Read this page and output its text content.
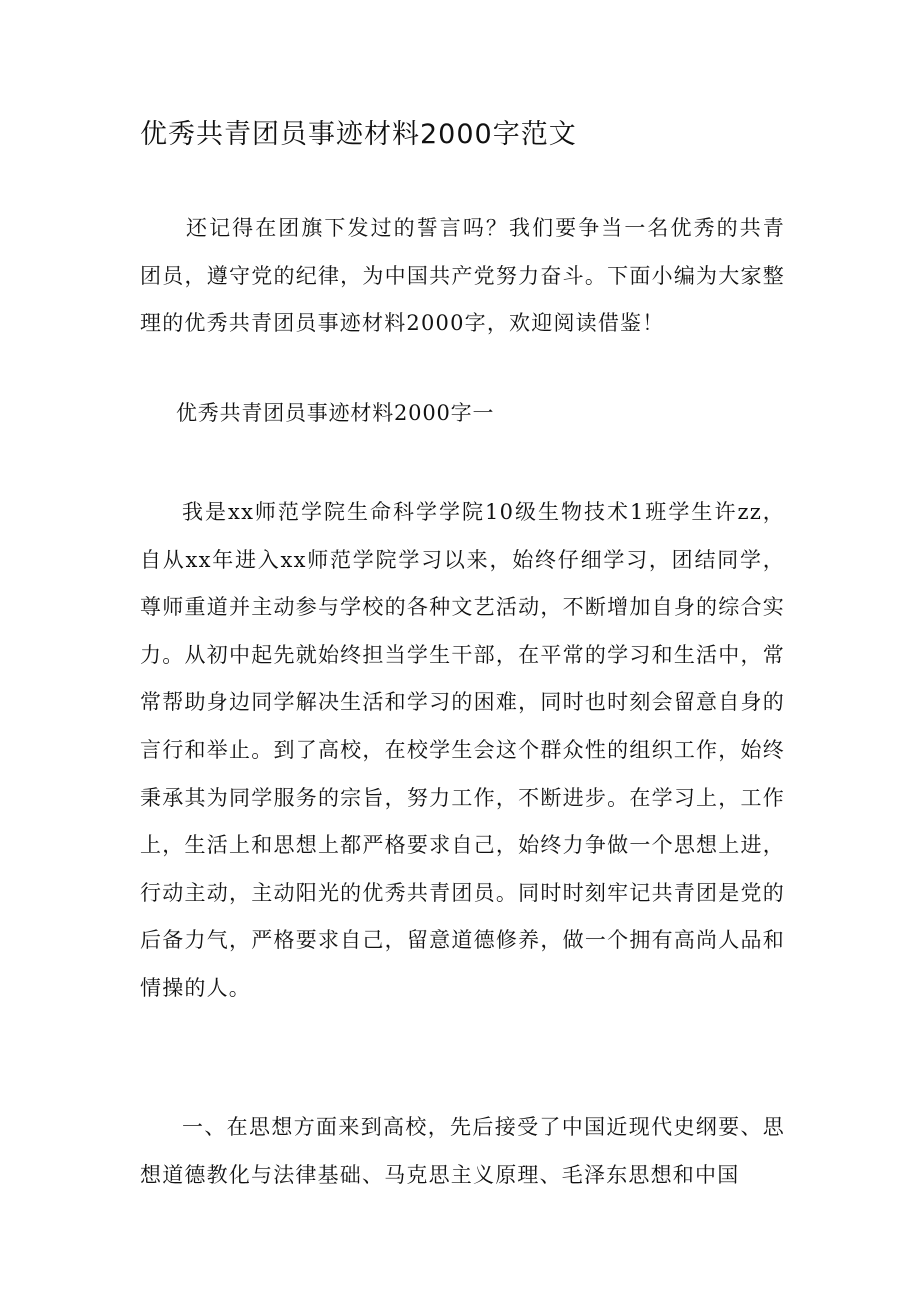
优秀共青团员事迹材料2000字范文

还记得在团旗下发过的誓言吗？我们要争当一名优秀的共青团员，遵守党的纪律，为中国共产党努力奋斗。下面小编为大家整理的优秀共青团员事迹材料2000字，欢迎阅读借鉴！

优秀共青团员事迹材料2000字一

我是xx师范学院生命科学学院10级生物技术1班学生许zz，自从xx年进入xx师范学院学习以来，始终仔细学习，团结同学，尊师重道并主动参与学校的各种文艺活动，不断增加自身的综合实力。从初中起先就始终担当学生干部，在平常的学习和生活中，常常帮助身边同学解决生活和学习的困难，同时也时刻会留意自身的言行和举止。到了高校，在校学生会这个群众性的组织工作，始终秉承其为同学服务的宗旨，努力工作，不断进步。在学习上，工作上，生活上和思想上都严格要求自己，始终力争做一个思想上进，行动主动，主动阳光的优秀共青团员。同时时刻牢记共青团是党的后备力气，严格要求自己，留意道德修养，做一个拥有高尚人品和情操的人。

一、在思想方面来到高校，先后接受了中国近现代史纲要、思想道德教化与法律基础、马克思主义原理、毛泽东思想和中国
